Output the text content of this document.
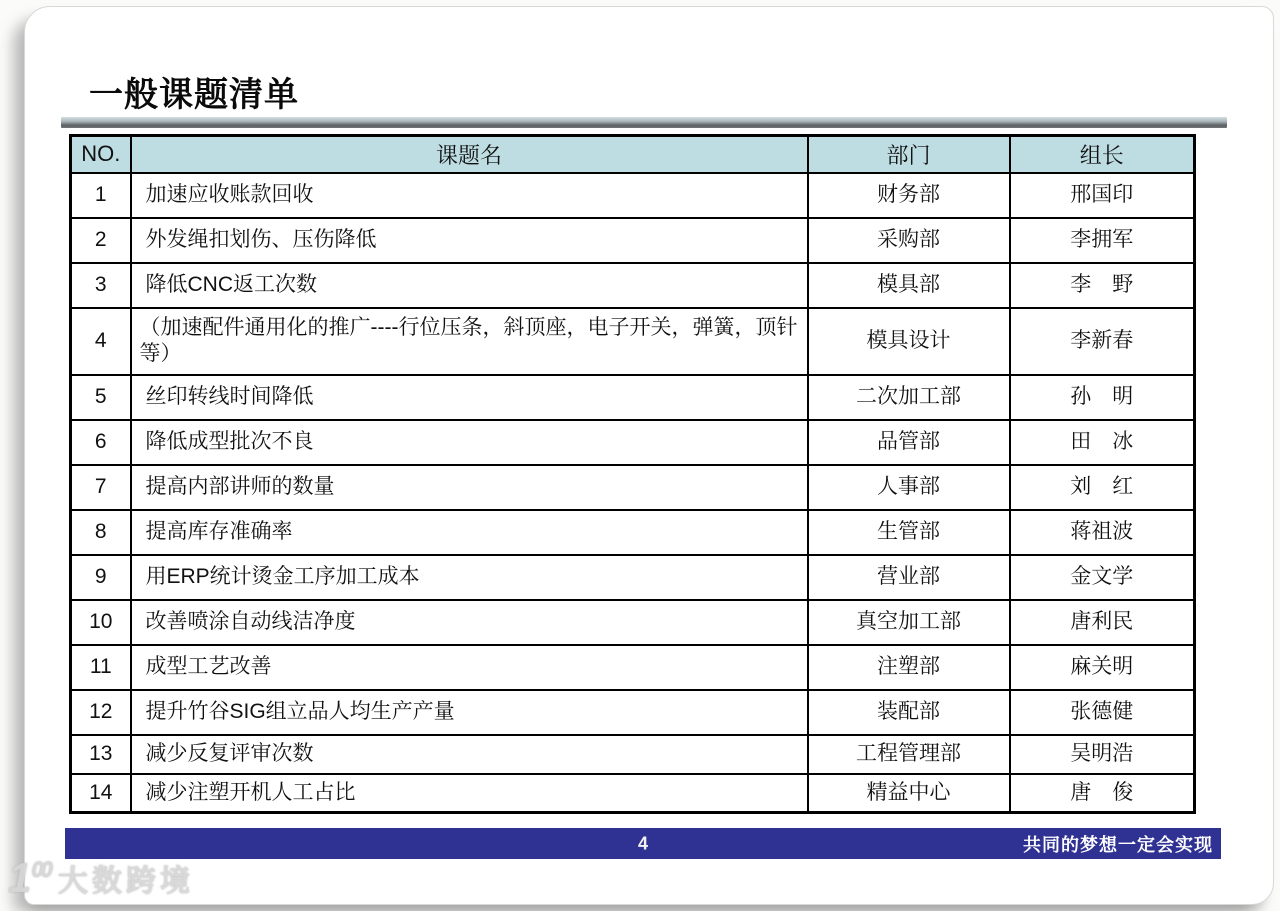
一般课题清单
NO.	课题名	部门	组长
1	加速应收账款回收	财务部	邢国印
2	外发绳扣划伤、压伤降低	采购部	李拥军
3	降低CNC返工次数	模具部	李　野
4	（加速配件通用化的推广----行位压条，斜顶座，电子开关，弹簧，顶针等）	模具设计	李新春
5	丝印转线时间降低	二次加工部	孙　明
6	降低成型批次不良	品管部	田　冰
7	提高内部讲师的数量	人事部	刘　红
8	提高库存准确率	生管部	蒋祖波
9	用ERP统计烫金工序加工成本	营业部	金文学
10	改善喷涂自动线洁净度	真空加工部	唐利民
11	成型工艺改善	注塑部	麻关明
12	提升竹谷SIG组立品人均生产产量	装配部	张德健
13	减少反复评审次数	工程管理部	吴明浩
14	减少注塑开机人工占比	精益中心	唐　俊
4	共同的梦想一定会实现
1 00 大数跨境
